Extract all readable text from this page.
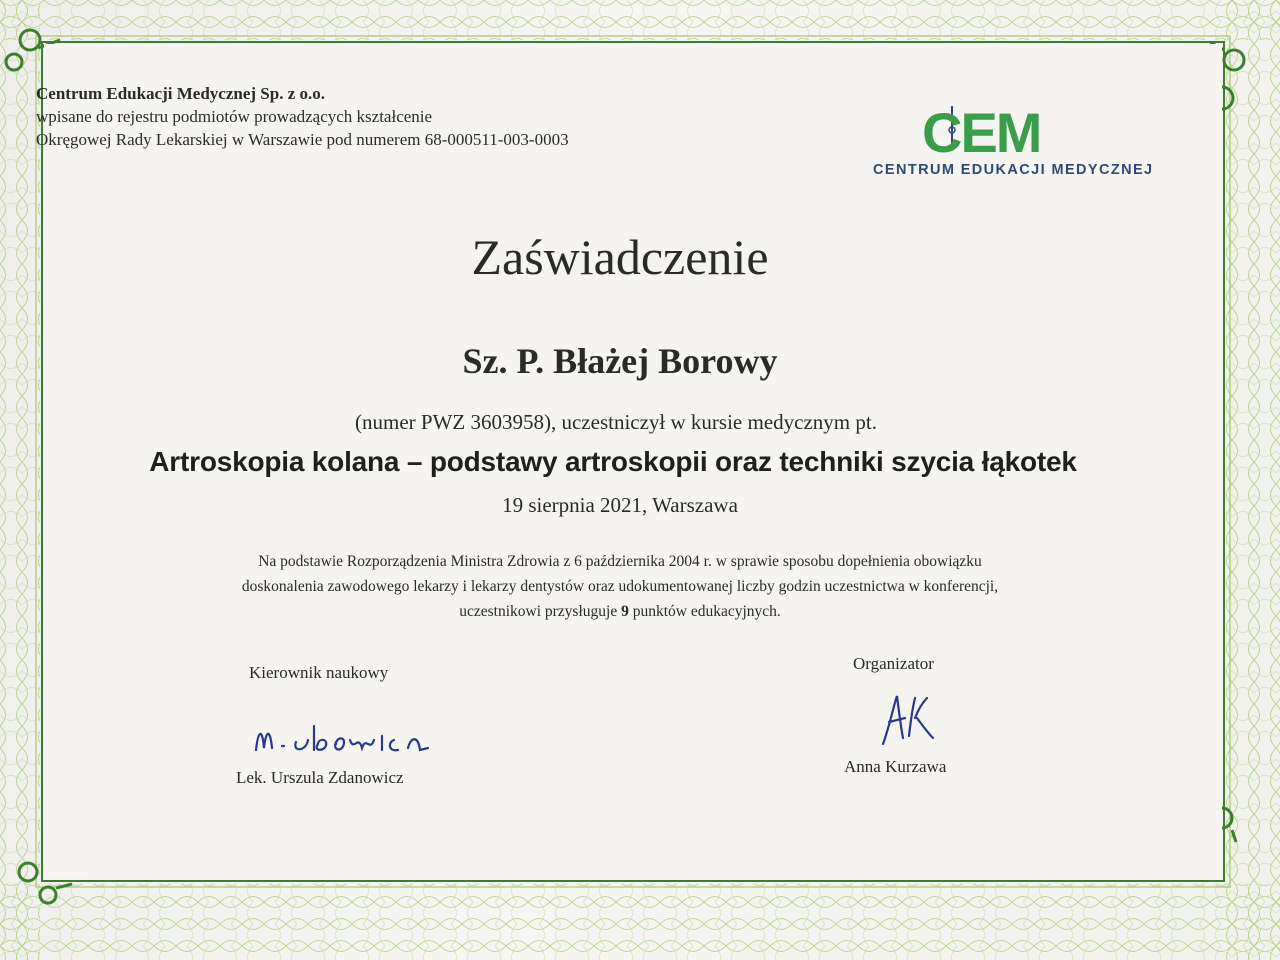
Centrum Edukacji Medycznej Sp. z o.o.
wpisane do rejestru podmiotów prowadzących kształcenie
Okręgowej Rady Lekarskiej w Warszawie pod numerem 68-000511-003-0003	CEM
CENTRUM EDUKACJI MEDYCZNEJ
Zaświadczenie
Sz. P. Błażej Borowy
(numer PWZ 3603958), uczestniczył w kursie medycznym pt.
Artroskopia kolana – podstawy artroskopii oraz techniki szycia łąkotek
19 sierpnia 2021, Warszawa
Na podstawie Rozporządzenia Ministra Zdrowia z 6 października 2004 r. w sprawie sposobu dopełnienia obowiązku
doskonalenia zawodowego lekarzy i lekarzy dentystów oraz udokumentowanej liczby godzin uczestnictwa w konferencji,
uczestnikowi przysługuje 9 punktów edukacyjnych.
Kierownik naukowy
Lek. Urszula Zdanowicz
Organizator
Anna Kurzawa
